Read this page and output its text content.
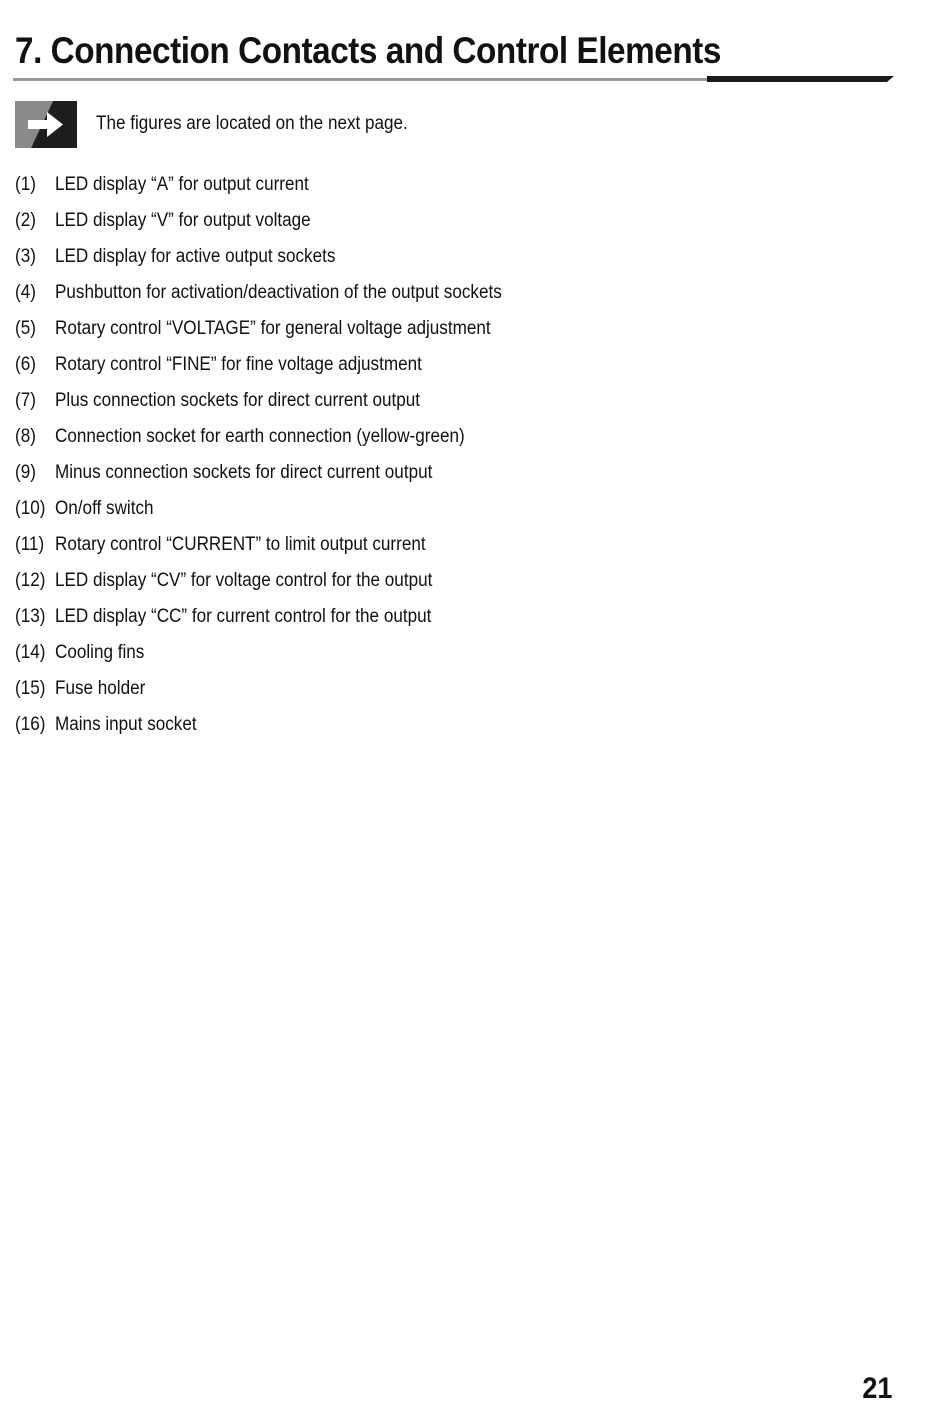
7. Connection Contacts and Control Elements
The figures are located on the next page.
(1) LED display “A” for output current
(2) LED display “V” for output voltage
(3) LED display for active output sockets
(4) Pushbutton for activation/deactivation of the output sockets
(5) Rotary control “VOLTAGE” for general voltage adjustment
(6) Rotary control “FINE” for fine voltage adjustment
(7) Plus connection sockets for direct current output
(8) Connection socket for earth connection (yellow-green)
(9) Minus connection sockets for direct current output
(10) On/off switch
(11) Rotary control “CURRENT” to limit output current
(12) LED display “CV” for voltage control for the output
(13) LED display “CC” for current control for the output
(14) Cooling fins
(15) Fuse holder
(16) Mains input socket
21
